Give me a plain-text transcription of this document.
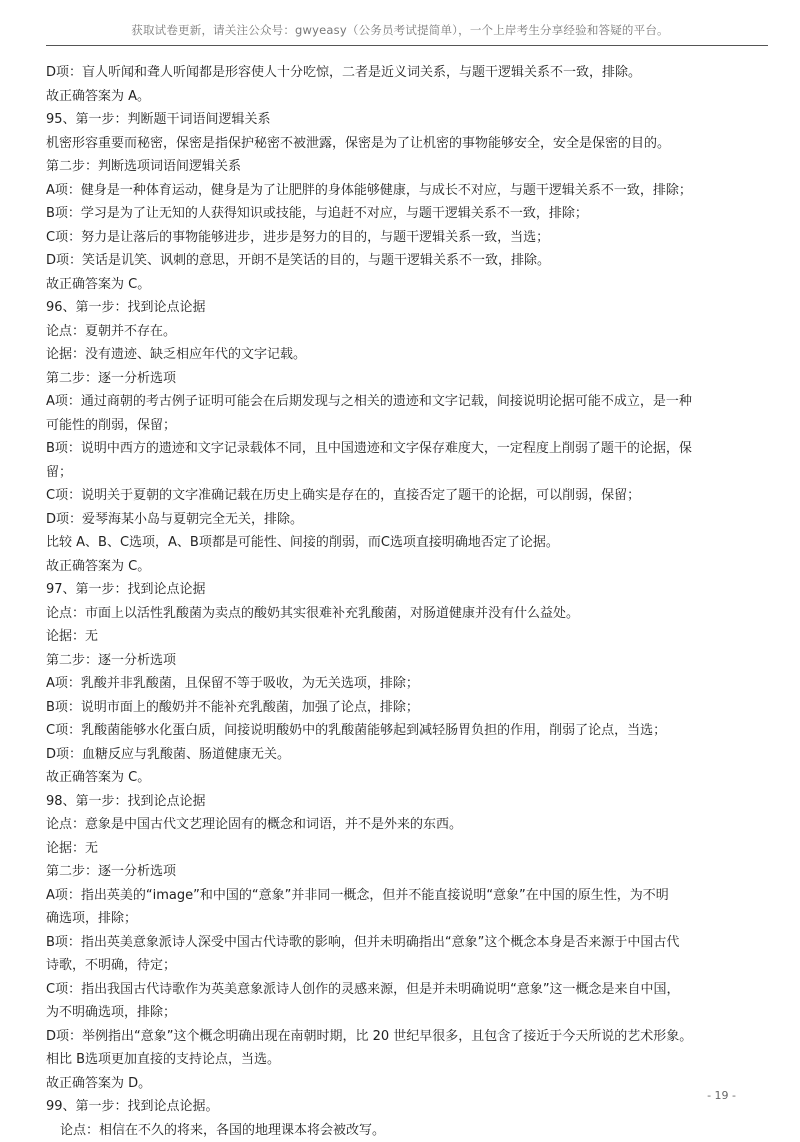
获取试卷更新，请关注公众号：gwyeasy（公务员考试提简单），一个上岸考生分享经验和答疑的平台。
D项：盲人听闻和聋人听闻都是形容使人十分吃惊，二者是近义词关系，与题干逻辑关系不一致，排除。
故正确答案为 A。
95、第一步：判断题干词语间逻辑关系
机密形容重要而秘密，保密是指保护秘密不被泄露，保密是为了让机密的事物能够安全，安全是保密的目的。
第二步：判断选项词语间逻辑关系
A项：健身是一种体育运动，健身是为了让肥胖的身体能够健康，与成长不对应，与题干逻辑关系不一致，排除；
B项：学习是为了让无知的人获得知识或技能，与追赶不对应，与题干逻辑关系不一致，排除；
C项：努力是让落后的事物能够进步，进步是努力的目的，与题干逻辑关系一致，当选；
D项：笑话是讥笑、讽刺的意思，开朗不是笑话的目的，与题干逻辑关系不一致，排除。
故正确答案为 C。
96、第一步：找到论点论据
论点：夏朝并不存在。
论据：没有遗迹、缺乏相应年代的文字记载。
第二步：逐一分析选项
A项：通过商朝的考古例子证明可能会在后期发现与之相关的遗迹和文字记载，间接说明论据可能不成立，是一种
可能性的削弱，保留；
B项：说明中西方的遗迹和文字记录载体不同，且中国遗迹和文字保存难度大，一定程度上削弱了题干的论据，保
留；
C项：说明关于夏朝的文字准确记载在历史上确实是存在的，直接否定了题干的论据，可以削弱，保留；
D项：爱琴海某小岛与夏朝完全无关，排除。
比较 A、B、C选项，A、B项都是可能性、间接的削弱，而C选项直接明确地否定了论据。
故正确答案为 C。
97、第一步：找到论点论据
论点：市面上以活性乳酸菌为卖点的酸奶其实很难补充乳酸菌，对肠道健康并没有什么益处。
论据：无
第二步：逐一分析选项
A项：乳酸并非乳酸菌，且保留不等于吸收，为无关选项，排除；
B项：说明市面上的酸奶并不能补充乳酸菌，加强了论点，排除；
C项：乳酸菌能够水化蛋白质，间接说明酸奶中的乳酸菌能够起到减轻肠胃负担的作用，削弱了论点，当选；
D项：血糖反应与乳酸菌、肠道健康无关。
故正确答案为 C。
98、第一步：找到论点论据
论点：意象是中国古代文艺理论固有的概念和词语，并不是外来的东西。
论据：无
第二步：逐一分析选项
A项：指出英美的“image”和中国的“意象”并非同一概念，但并不能直接说明“意象”在中国的原生性，为不明
确选项，排除；
B项：指出英美意象派诗人深受中国古代诗歌的影响，但并未明确指出“意象”这个概念本身是否来源于中国古代
诗歌，不明确，待定；
C项：指出我国古代诗歌作为英美意象派诗人创作的灵感来源，但是并未明确说明“意象”这一概念是来自中国，
为不明确选项，排除；
D项：举例指出“意象”这个概念明确出现在南朝时期，比 20 世纪早很多，且包含了接近于今天所说的艺术形象。
相比 B选项更加直接的支持论点，当选。
故正确答案为 D。
99、第一步：找到论点论据。
论点：相信在不久的将来，各国的地理课本将会被改写。
- 19 -
